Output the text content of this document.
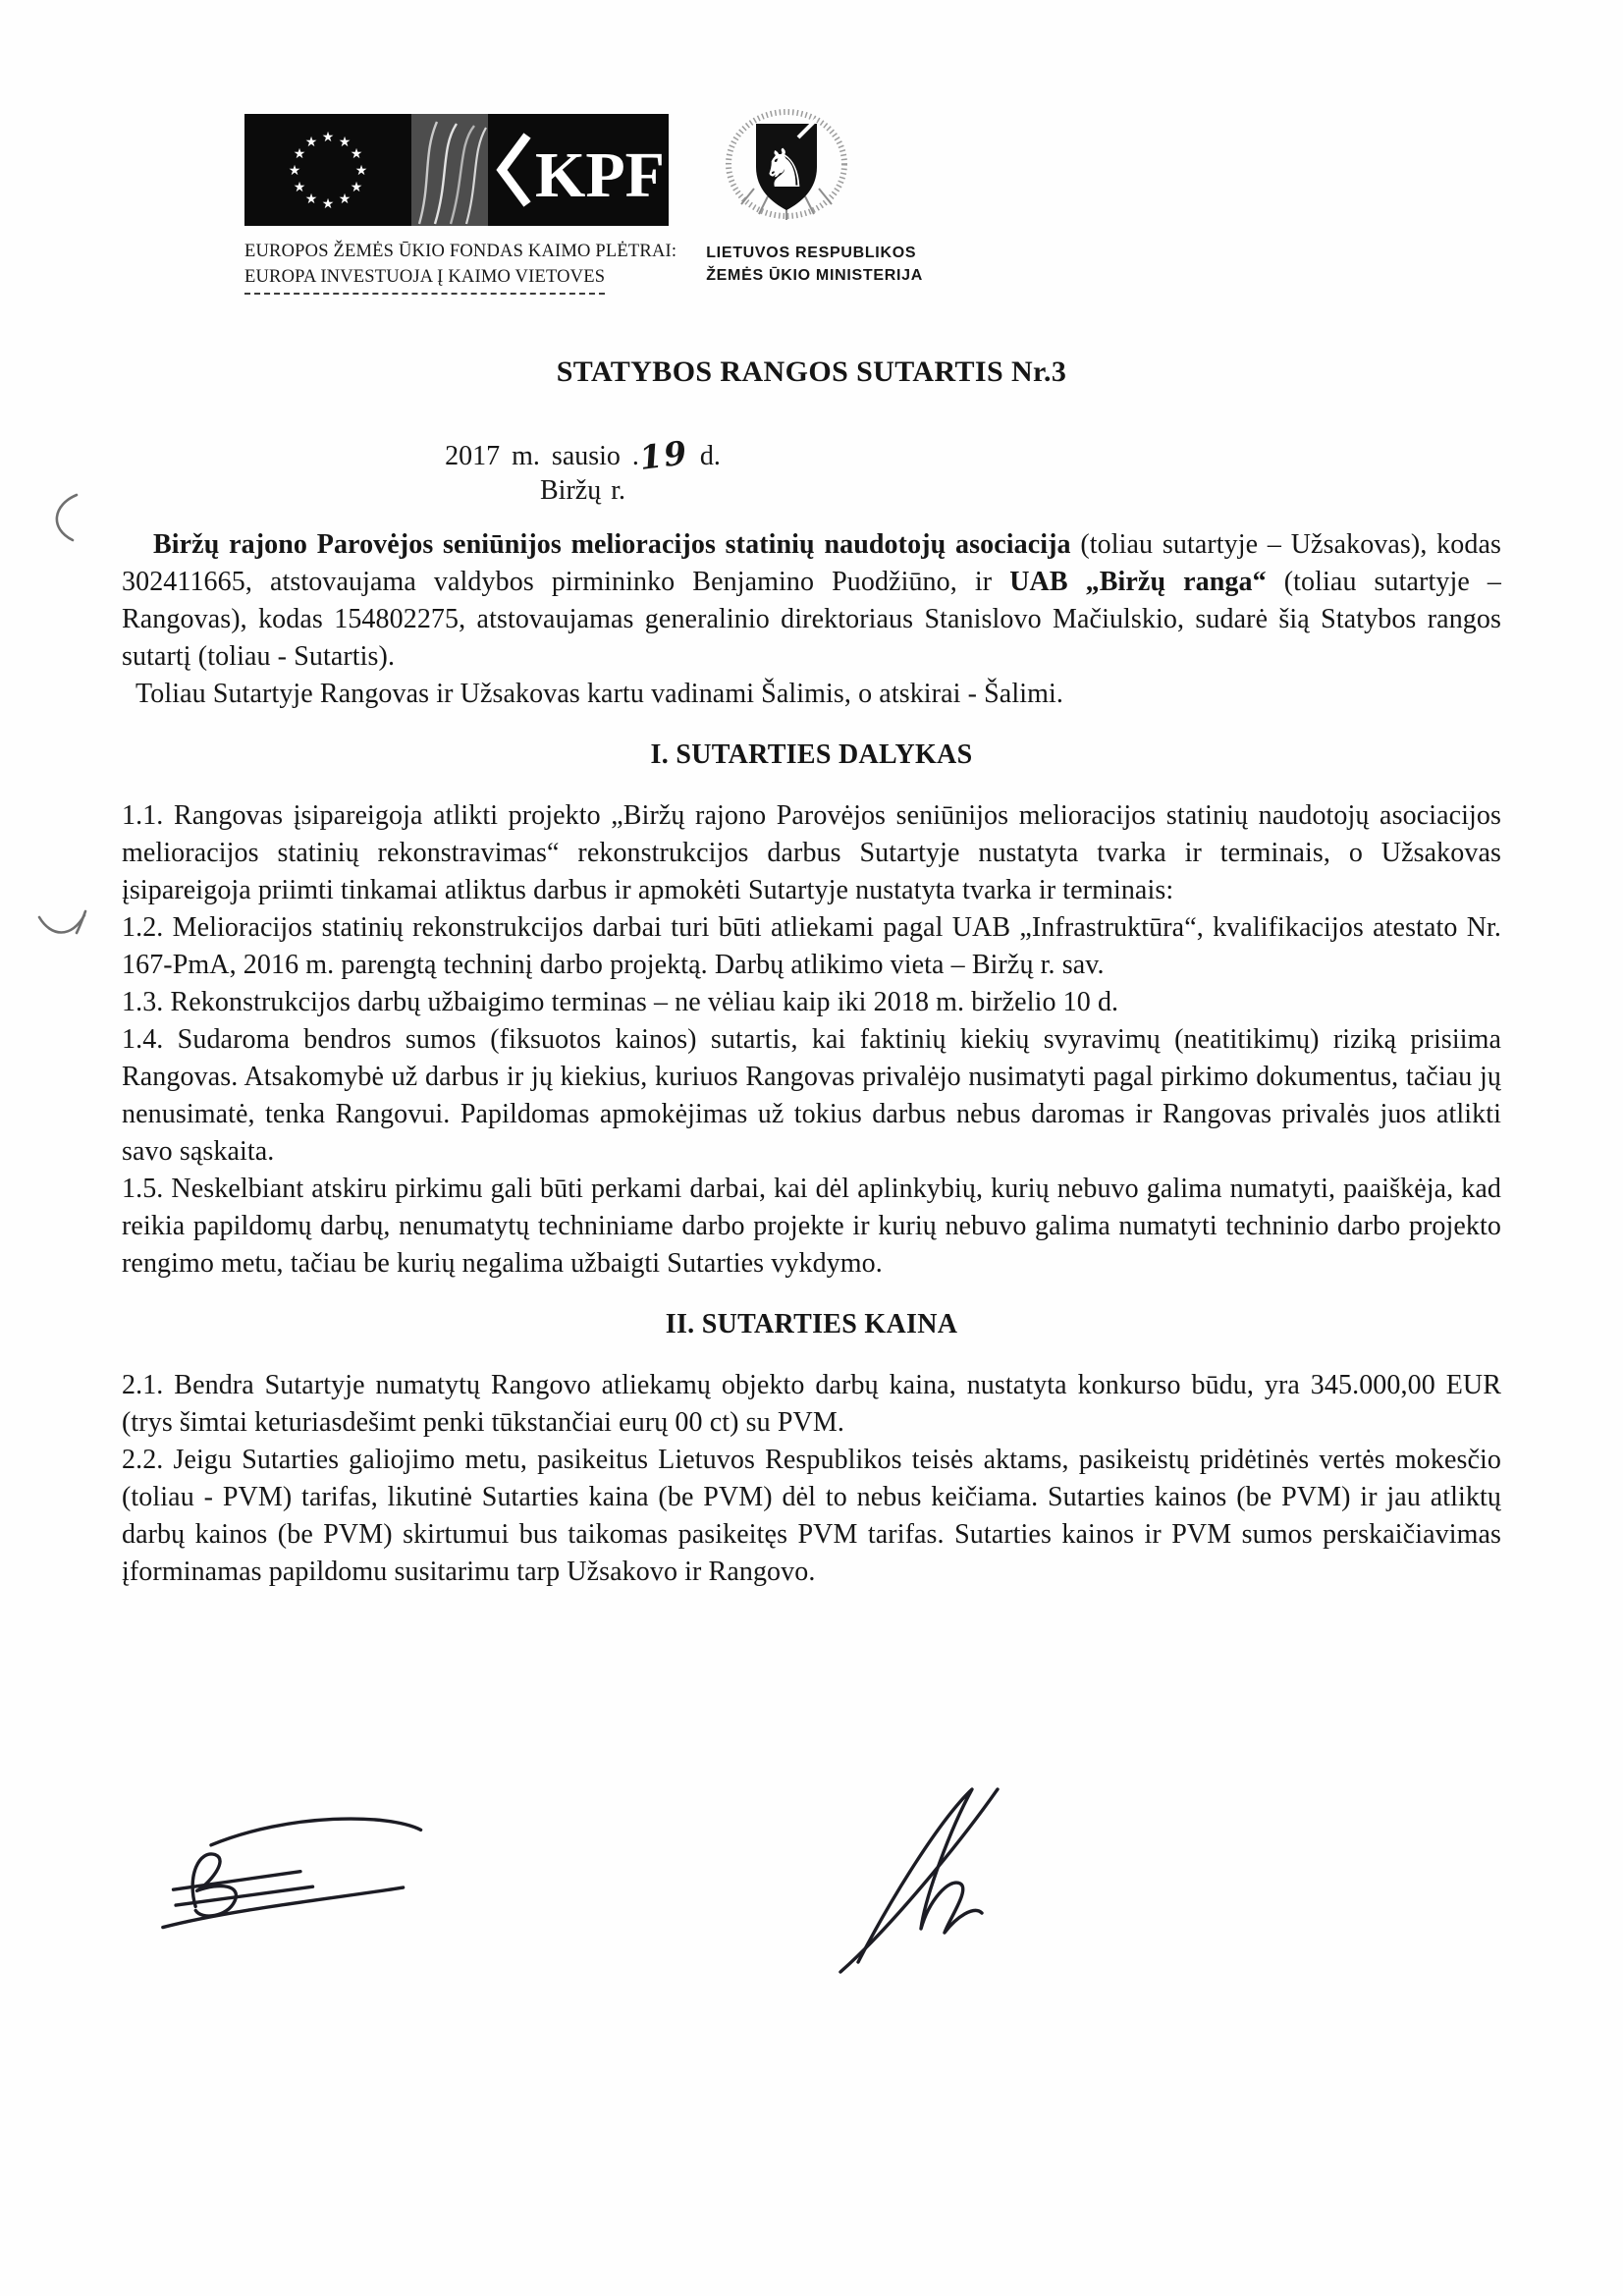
★ ★
★
★
★
★
★
★
★
★
★
★	KPF ♞
EUROPOS ŽEMĖS ŪKIO FONDAS KAIMO PLĖTRAI:
EUROPA INVESTUOJA Į KAIMO VIETOVES
LIETUVOS RESPUBLIKOS
ŽEMĖS ŪKIO MINISTERIJA
STATYBOS RANGOS SUTARTIS Nr.3
2017 m. sausio .19 d.
Biržų r.

Biržų rajono Parovėjos seniūnijos melioracijos statinių naudotojų asociacija (toliau sutartyje – Užsakovas), kodas 302411665, atstovaujama valdybos pirmininko Benjamino Puodžiūno, ir UAB „Biržų ranga“ (toliau sutartyje – Rangovas), kodas 154802275, atstovaujamas generalinio direktoriaus Stanislovo Mačiulskio, sudarė šią Statybos rangos sutartį (toliau - Sutartis).

Toliau Sutartyje Rangovas ir Užsakovas kartu vadinami Šalimis, o atskirai - Šalimi.

I. SUTARTIES DALYKAS

1.1. Rangovas įsipareigoja atlikti projekto „Biržų rajono Parovėjos seniūnijos melioracijos statinių naudotojų asociacijos melioracijos statinių rekonstravimas“ rekonstrukcijos darbus Sutartyje nustatyta tvarka ir terminais, o Užsakovas įsipareigoja priimti tinkamai atliktus darbus ir apmokėti Sutartyje nustatyta tvarka ir terminais:

1.2. Melioracijos statinių rekonstrukcijos darbai turi būti atliekami pagal UAB „Infrastruktūra“, kvalifikacijos atestato Nr. 167-PmA, 2016 m. parengtą techninį darbo projektą. Darbų atlikimo vieta – Biržų r. sav.

1.3. Rekonstrukcijos darbų užbaigimo terminas – ne vėliau kaip iki 2018 m. birželio 10 d.

1.4. Sudaroma bendros sumos (fiksuotos kainos) sutartis, kai faktinių kiekių svyravimų (neatitikimų) riziką prisiima Rangovas. Atsakomybė už darbus ir jų kiekius, kuriuos Rangovas privalėjo nusimatyti pagal pirkimo dokumentus, tačiau jų nenusimatė, tenka Rangovui. Papildomas apmokėjimas už tokius darbus nebus daromas ir Rangovas privalės juos atlikti savo sąskaita.

1.5. Neskelbiant atskiru pirkimu gali būti perkami darbai, kai dėl aplinkybių, kurių nebuvo galima numatyti, paaiškėja, kad reikia papildomų darbų, nenumatytų techniniame darbo projekte ir kurių nebuvo galima numatyti techninio darbo projekto rengimo metu, tačiau be kurių negalima užbaigti Sutarties vykdymo.

II. SUTARTIES KAINA

2.1. Bendra Sutartyje numatytų Rangovo atliekamų objekto darbų kaina, nustatyta konkurso būdu, yra 345.000,00 EUR (trys šimtai keturiasdešimt penki tūkstančiai eurų 00 ct) su PVM.

2.2. Jeigu Sutarties galiojimo metu, pasikeitus Lietuvos Respublikos teisės aktams, pasikeistų pridėtinės vertės mokesčio (toliau - PVM) tarifas, likutinė Sutarties kaina (be PVM) dėl to nebus keičiama. Sutarties kainos (be PVM) ir jau atliktų darbų kainos (be PVM) skirtumui bus taikomas pasikeitęs PVM tarifas. Sutarties kainos ir PVM sumos perskaičiavimas įforminamas papildomu susitarimu tarp Užsakovo ir Rangovo.
